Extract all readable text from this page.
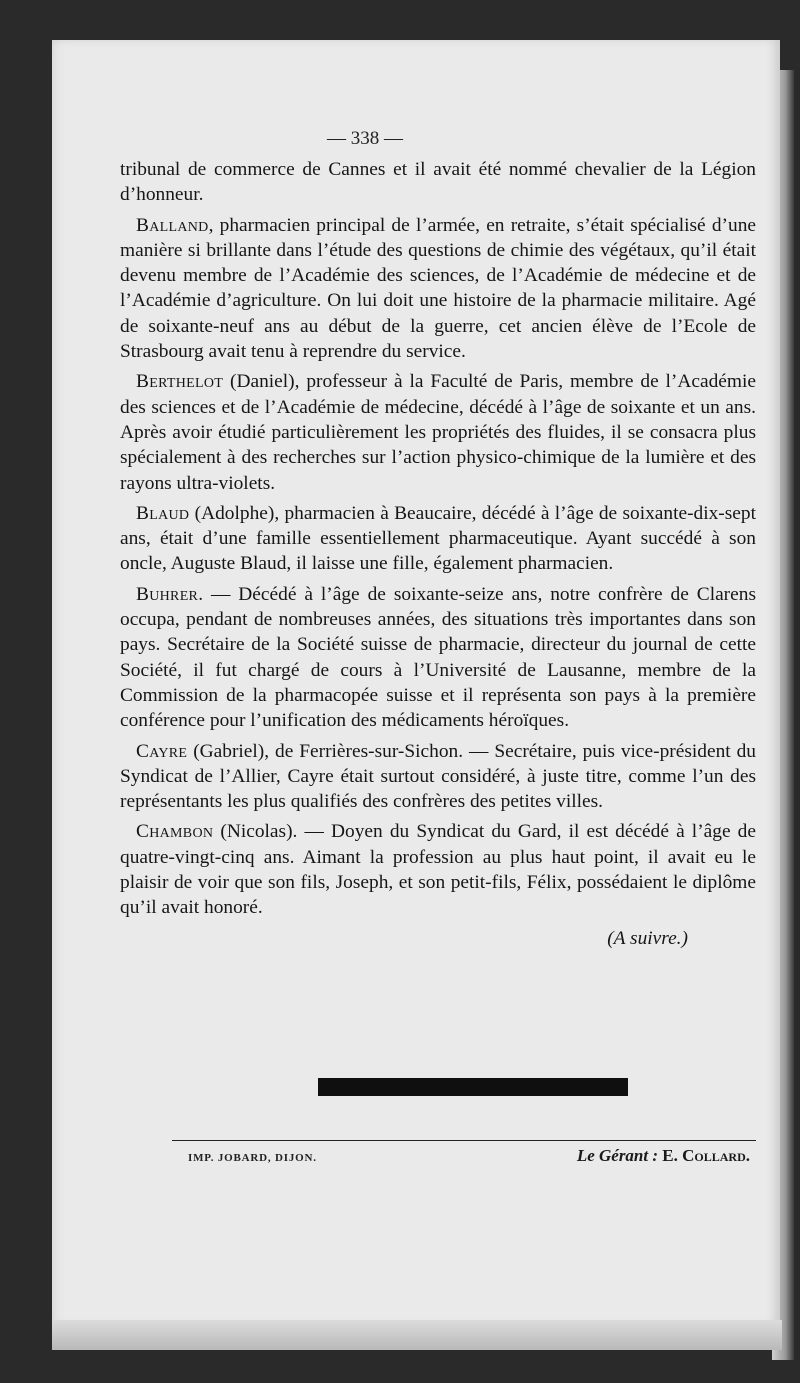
— 338 —

tribunal de commerce de Cannes et il avait été nommé chevalier de la Légion d’honneur.

Balland, pharmacien principal de l’armée, en retraite, s’était spécialisé d’une manière si brillante dans l’étude des questions de chimie des végétaux, qu’il était devenu membre de l’Académie des sciences, de l’Académie de médecine et de l’Académie d’agriculture. On lui doit une histoire de la pharmacie militaire. Agé de soixante-neuf ans au début de la guerre, cet ancien élève de l’Ecole de Strasbourg avait tenu à reprendre du service.

Berthelot (Daniel), professeur à la Faculté de Paris, membre de l’Académie des sciences et de l’Académie de médecine, décédé à l’âge de soixante et un ans. Après avoir étudié particulièrement les propriétés des fluides, il se consacra plus spécialement à des recherches sur l’action physico-chimique de la lumière et des rayons ultra-violets.

Blaud (Adolphe), pharmacien à Beaucaire, décédé à l’âge de soixante-dix-sept ans, était d’une famille essentiellement pharmaceutique. Ayant succédé à son oncle, Auguste Blaud, il laisse une fille, également pharmacien.

Buhrer. — Décédé à l’âge de soixante-seize ans, notre confrère de Clarens occupa, pendant de nombreuses années, des situations très importantes dans son pays. Secrétaire de la Société suisse de pharmacie, directeur du journal de cette Société, il fut chargé de cours à l’Université de Lausanne, membre de la Commission de la pharmacopée suisse et il représenta son pays à la première conférence pour l’unification des médicaments héroïques.

Cayre (Gabriel), de Ferrières-sur-Sichon. — Secrétaire, puis vice-président du Syndicat de l’Allier, Cayre était surtout considéré, à juste titre, comme l’un des représentants les plus qualifiés des confrères des petites villes.

Chambon (Nicolas). — Doyen du Syndicat du Gard, il est décédé à l’âge de quatre-vingt-cinq ans. Aimant la profession au plus haut point, il avait eu le plaisir de voir que son fils, Joseph, et son petit-fils, Félix, possédaient le diplôme qu’il avait honoré.

(A suivre.)
IMP. JOBARD, DIJON.	Le Gérant : E. Collard.
